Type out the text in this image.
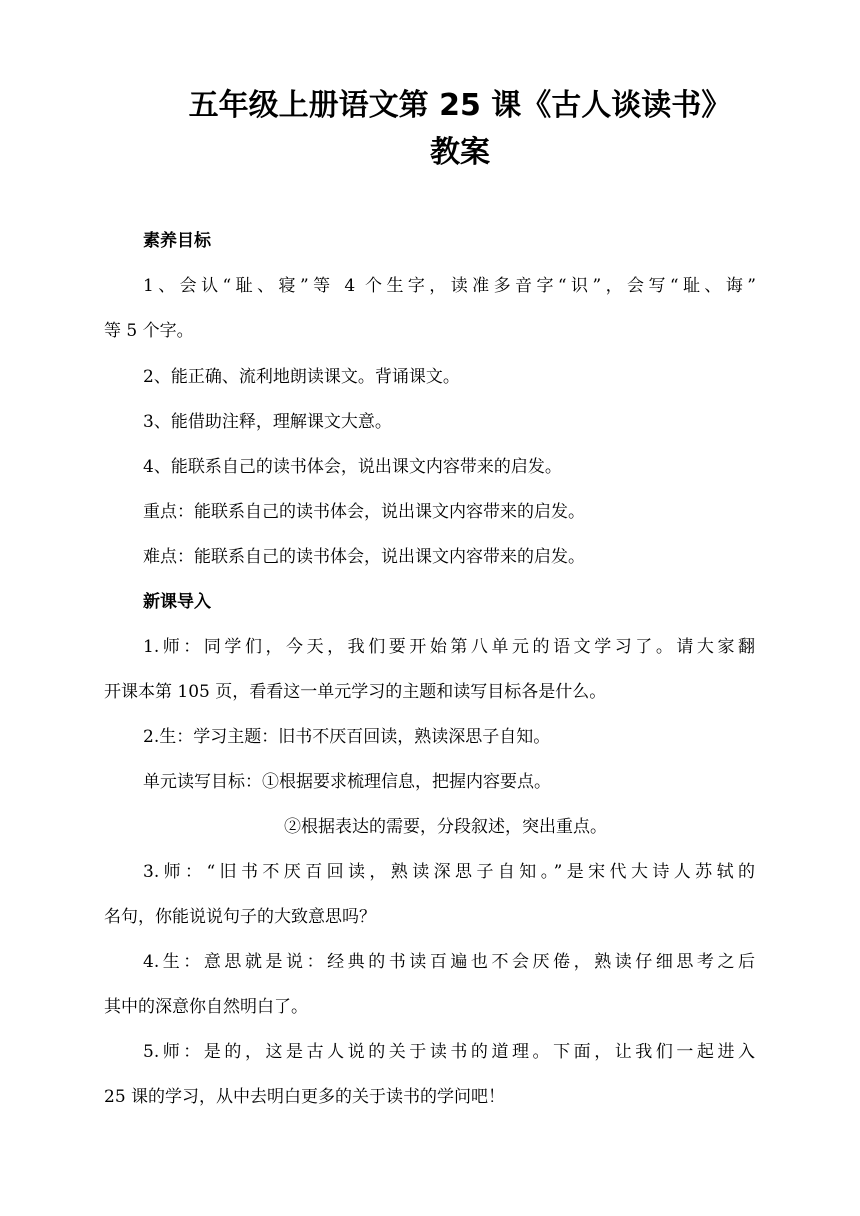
五年级上册语文第 25 课《古人谈读书》
教案
素养目标
1、会认“耻、寝”等 4 个生字，读准多音字“识”，会写“耻、诲”
等 5 个字。
2、能正确、流利地朗读课文。背诵课文。
3、能借助注释，理解课文大意。
4、能联系自己的读书体会，说出课文内容带来的启发。
重点：能联系自己的读书体会，说出课文内容带来的启发。
难点：能联系自己的读书体会，说出课文内容带来的启发。
新课导入
1.师：同学们，今天，我们要开始第八单元的语文学习了。请大家翻
开课本第 105 页，看看这一单元学习的主题和读写目标各是什么。
2.生：学习主题：旧书不厌百回读，熟读深思子自知。
单元读写目标：①根据要求梳理信息，把握内容要点。
②根据表达的需要，分段叙述，突出重点。
3.师：“旧书不厌百回读，熟读深思子自知。”是宋代大诗人苏轼的
名句，你能说说句子的大致意思吗？
4.生：意思就是说：经典的书读百遍也不会厌倦，熟读仔细思考之后
其中的深意你自然明白了。
5.师：是的，这是古人说的关于读书的道理。下面，让我们一起进入
25 课的学习，从中去明白更多的关于读书的学问吧！
